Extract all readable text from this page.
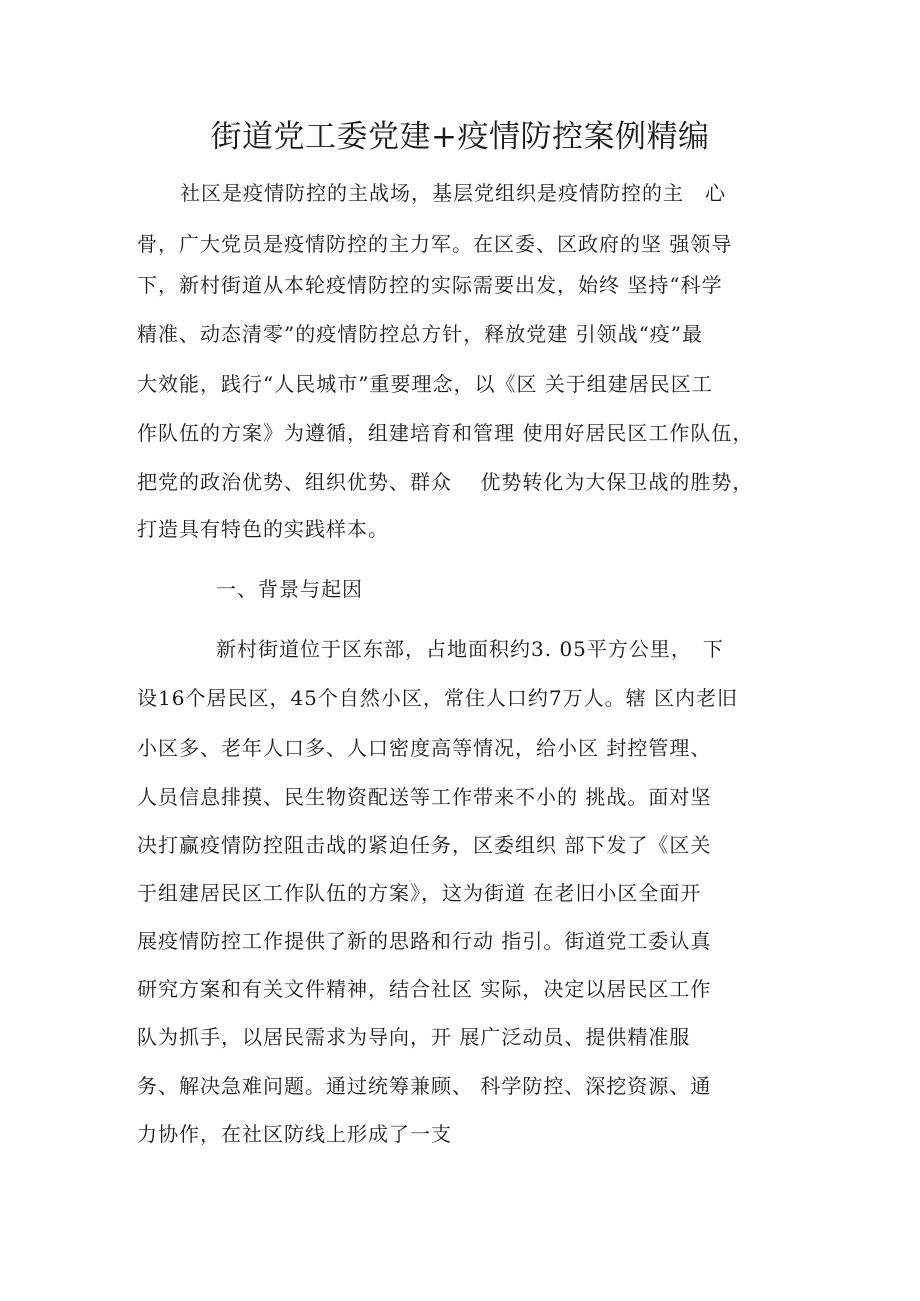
街道党工委党建+疫情防控案例精编
社区是疫情防控的主战场，基层党组织是疫情防控的主　心
骨，广大党员是疫情防控的主力军。在区委、区政府的坚 强领导
下，新村街道从本轮疫情防控的实际需要出发，始终 坚持“科学
精准、动态清零”的疫情防控总方针，释放党建 引领战“疫”最
大效能，践行“人民城市”重要理念，以《区 关于组建居民区工
作队伍的方案》为遵循，组建培育和管理 使用好居民区工作队伍，
把党的政治优势、组织优势、群众　 优势转化为大保卫战的胜势，
打造具有特色的实践样本。
一、背景与起因
新村街道位于区东部，占地面积约3. 05平方公里，　下
设16个居民区，45个自然小区，常住人口约7万人。辖 区内老旧
小区多、老年人口多、人口密度高等情况，给小区 封控管理、
人员信息排摸、民生物资配送等工作带来不小的 挑战。面对坚
决打赢疫情防控阻击战的紧迫任务，区委组织 部下发了《区关
于组建居民区工作队伍的方案》，这为街道 在老旧小区全面开
展疫情防控工作提供了新的思路和行动 指引。街道党工委认真
研究方案和有关文件精神，结合社区 实际，决定以居民区工作
队为抓手，以居民需求为导向，开 展广泛动员、提供精准服
务、解决急难问题。通过统筹兼顾、 科学防控、深挖资源、通
力协作，在社区防线上形成了一支
